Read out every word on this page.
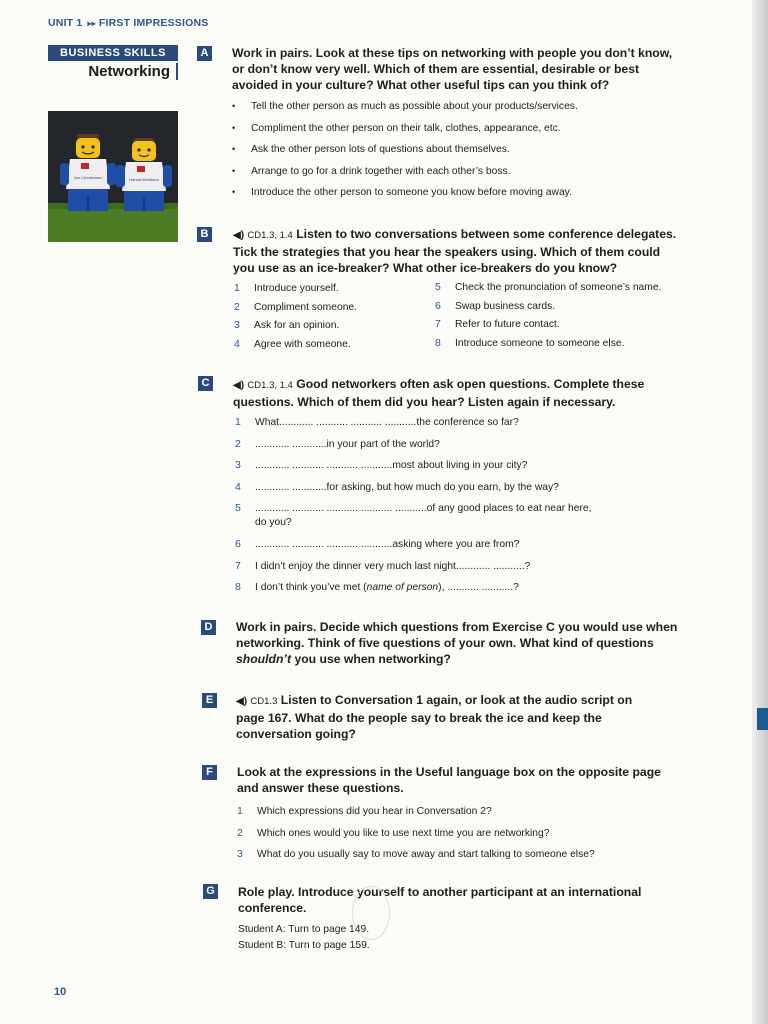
UNIT 1 ▸▸ FIRST IMPRESSIONS
BUSINESS SKILLS
Networking
Jan Christensen	Hanna Westlund
A Work in pairs. Look at these tips on networking with people you don’t know,
or don’t know very well. Which of them are essential, desirable or best
avoided in your culture? What other useful tips can you think of?
• Tell the other person as much as possible about your products/services.
• Compliment the other person on their talk, clothes, appearance, etc.
• Ask the other person lots of questions about themselves.
• Arrange to go for a drink together with each other’s boss.
• Introduce the other person to someone you know before moving away.
B	◀) CD1.3, 1.4 Listen to two conversations between some conference delegates.
Tick the strategies that you hear the speakers using. Which of them could
you use as an ice-breaker? What other ice-breakers do you know?
1 Introduce yourself.
2 Compliment someone.
3 Ask for an opinion.
4 Agree with someone.
5 Check the pronunciation of someone’s name.
6 Swap business cards.
7 Refer to future contact.
8 Introduce someone to someone else.
C	◀) CD1.3, 1.4 Good networkers often ask open questions. Complete these
questions. Which of them did you hear? Listen again if necessary.
1 What............ ........... ........... ...........the conference so far?
2 ............ ............in your part of the world?
3 ............ ........... ........... ...........most about living in your city?
4 ............ ............for asking, but how much do you earn, by the way?
5 ............ ........... ........... ........... ...........of any good places to eat near here,
do you?
6 ............ ........... ........... ...........asking where you are from?
7 I didn’t enjoy the dinner very much last night............ ...........?
8 I don’t think you’ve met (name of person), ........... ...........?
D Work in pairs. Decide which questions from Exercise C you would use when
networking. Think of five questions of your own. What kind of questions
shouldn’t you use when networking?
E	◀) CD1.3 Listen to Conversation 1 again, or look at the audio script on
page 167. What do the people say to break the ice and keep the
conversation going?
F	Look at the expressions in the Useful language box on the opposite page
and answer these questions.
1 Which expressions did you hear in Conversation 2?
2 Which ones would you like to use next time you are networking?
3 What do you usually say to move away and start talking to someone else?
G Role play. Introduce yourself to another participant at an international
conference.
Student A: Turn to page 149.
Student B: Turn to page 159.
10
